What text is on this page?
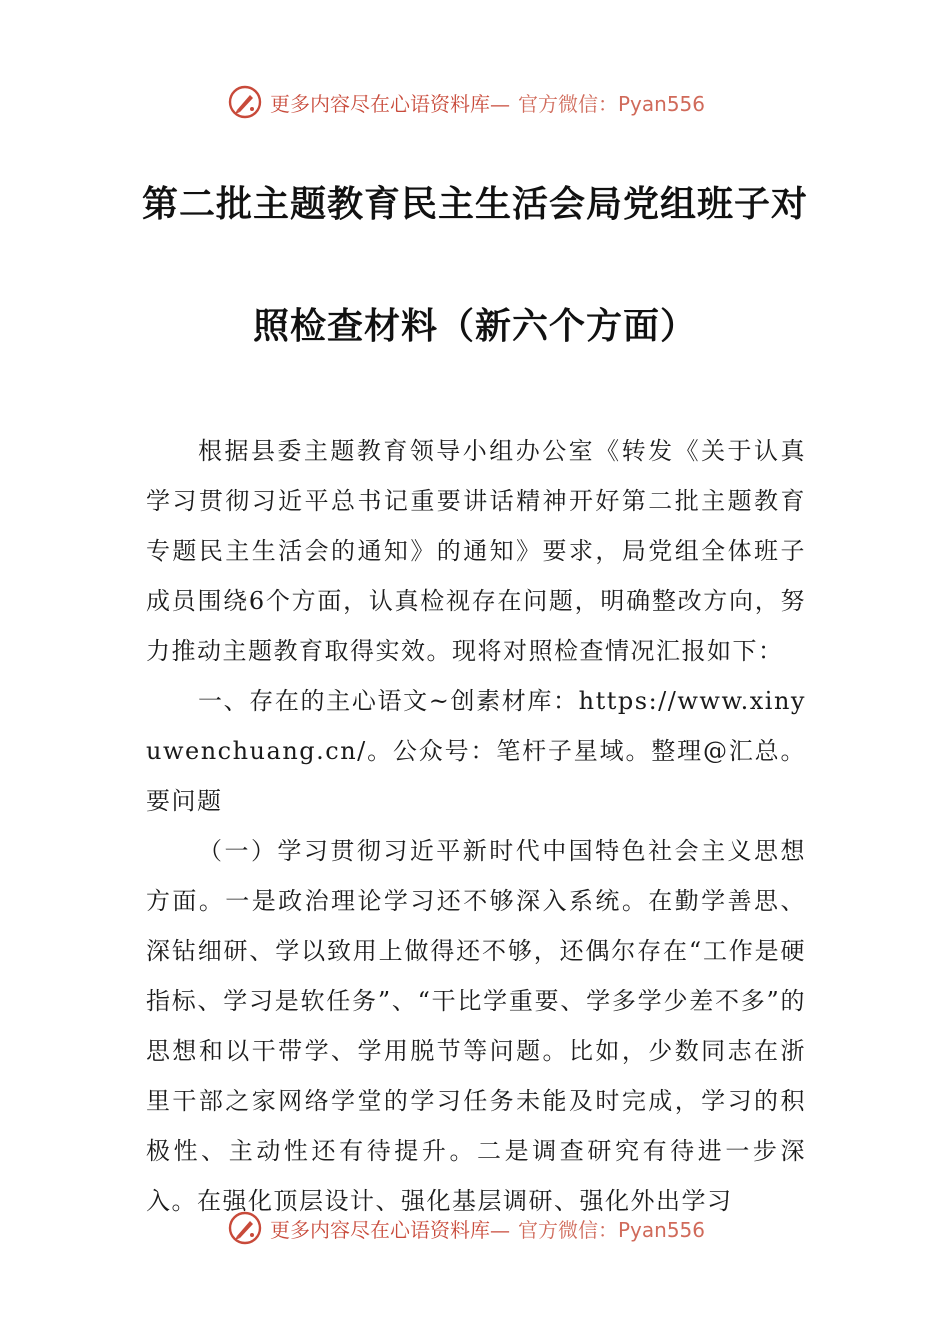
更多内容尽在心语资料库— 官方微信：Pyan556
第二批主题教育民主生活会局党组班子对
照检查材料（新六个方面）

根据县委主题教育领导小组办公室《转发《关于认真学习贯彻习近平总书记重要讲话精神开好第二批主题教育专题民主生活会的通知》的通知》要求，局党组全体班子成员围绕6个方面，认真检视存在问题，明确整改方向，努力推动主题教育取得实效。现将对照检查情况汇报如下：

一、存在的主心语文~创素材库：https://www.xinyuwenchuang.cn/。公众号：笔杆子星域。整理@汇总。要问题

（一）学习贯彻习近平新时代中国特色社会主义思想方面。一是政治理论学习还不够深入系统。在勤学善思、深钻细研、学以致用上做得还不够，还偶尔存在“工作是硬指标、学习是软任务”、“干比学重要、学多学少差不多”的思想和以干带学、学用脱节等问题。比如，少数同志在浙里干部之家网络学堂的学习任务未能及时完成，学习的积极性、主动性还有待提升。二是调查研究有待进一步深入。在强化顶层设计、强化基层调研、强化外出学习

更多内容尽在心语资料库— 官方微信：Pyan556
